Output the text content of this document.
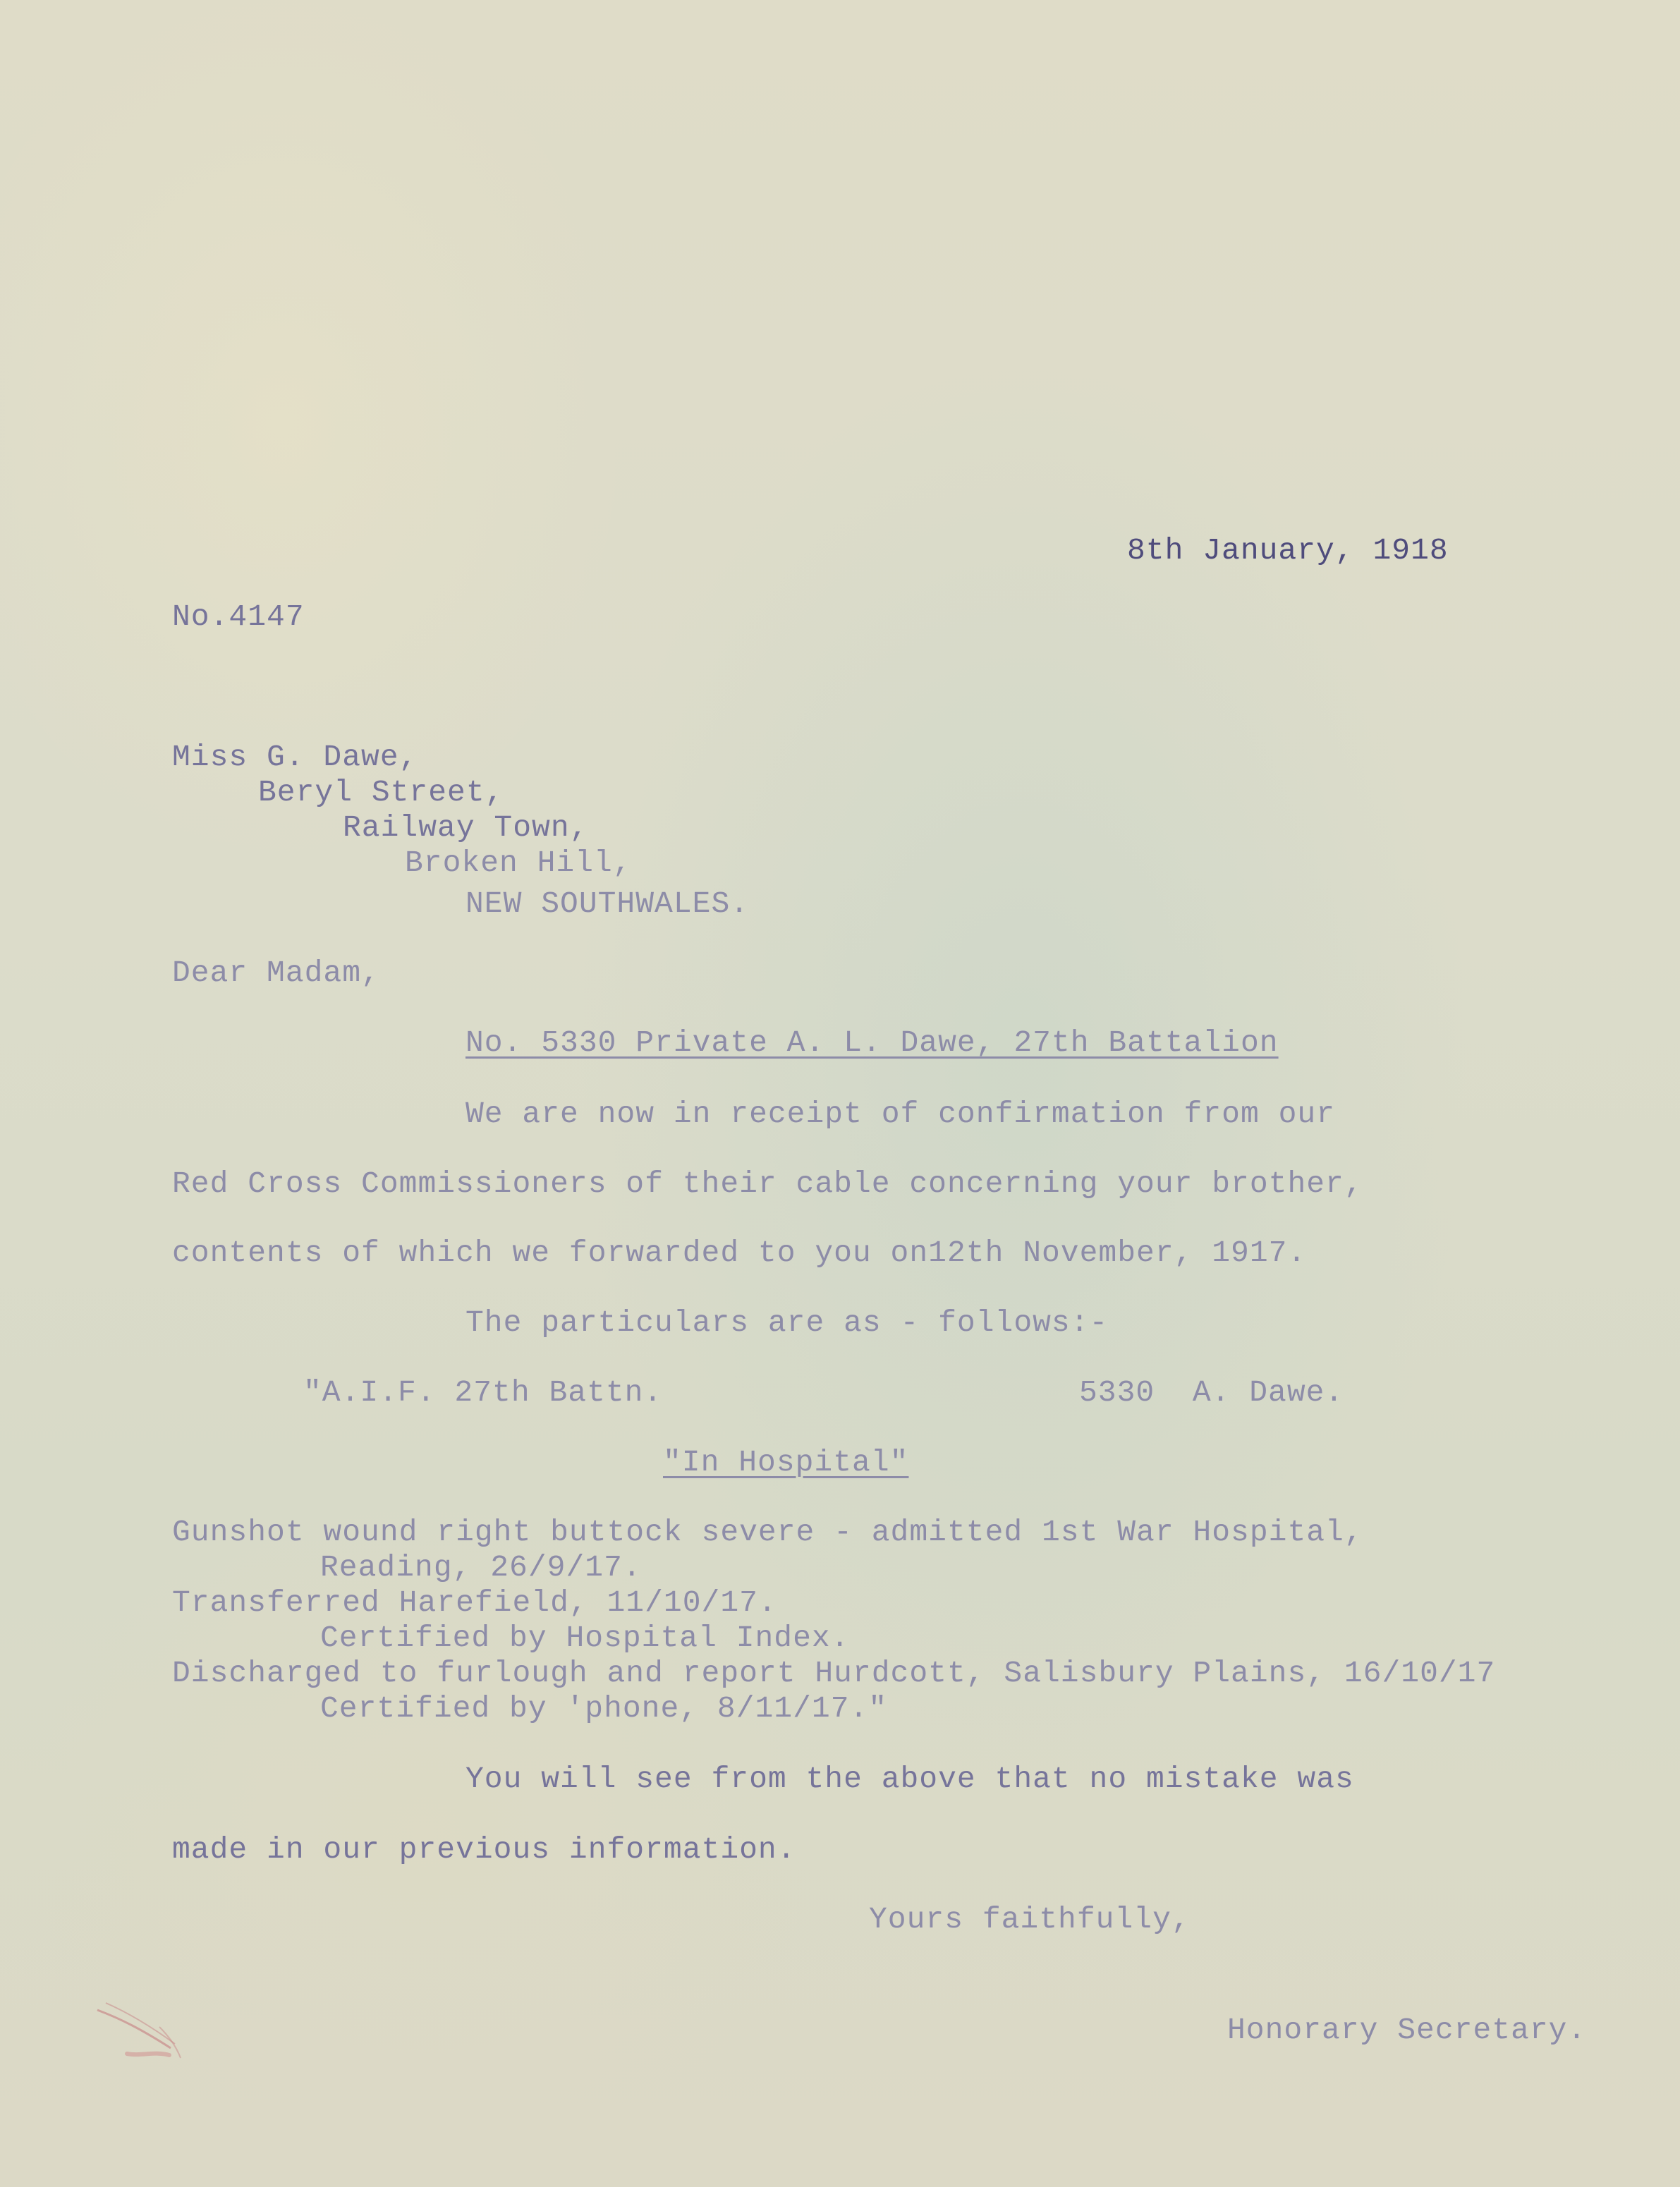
8th January, 1918

No.4147

Miss G. Dawe,

Beryl Street,

Railway Town,

Broken Hill,

NEW SOUTHWALES.

Dear Madam,

No. 5330 Private A. L. Dawe, 27th Battalion

We are now in receipt of confirmation from our

Red Cross Commissioners of their cable concerning your brother,

contents of which we forwarded to you on12th November, 1917.

The particulars are as - follows:-

"A.I.F. 27th Battn.	5330  A. Dawe.

"In Hospital"

Gunshot wound right buttock severe - admitted 1st War Hospital,

Reading, 26/9/17.

Transferred Harefield, 11/10/17.

Certified by Hospital Index.

Discharged to furlough and report Hurdcott, Salisbury Plains, 16/10/17

Certified by 'phone, 8/11/17."

You will see from the above that no mistake was

made in our previous information.

Yours faithfully,

Honorary Secretary.
